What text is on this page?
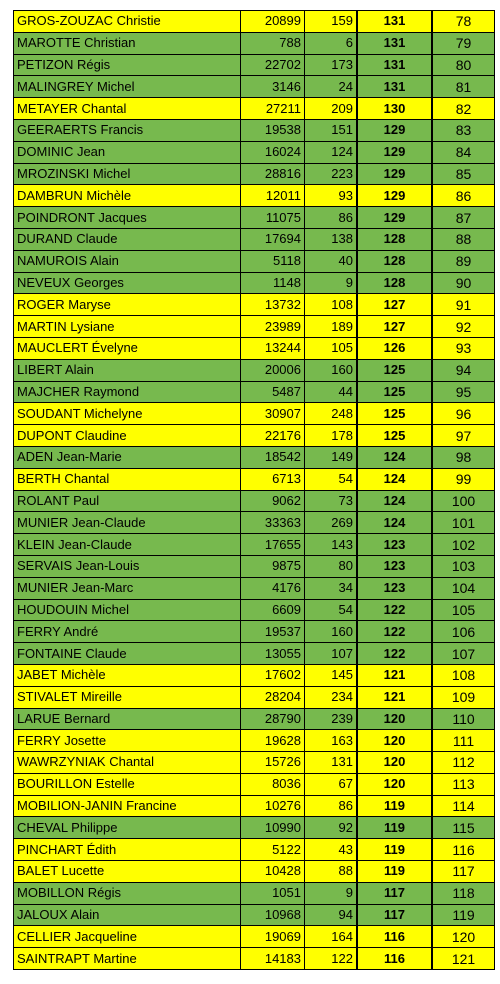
GROS-ZOUZAC Christie	20899	159	131	78
MAROTTE Christian	788	6	131	79
PETIZON Régis	22702	173	131	80
MALINGREY Michel	3146	24	131	81
METAYER Chantal	27211	209	130	82
GEERAERTS Francis	19538	151	129	83
DOMINIC Jean	16024	124	129	84
MROZINSKI Michel	28816	223	129	85
DAMBRUN Michèle	12011	93	129	86
POINDRONT Jacques	11075	86	129	87
DURAND Claude	17694	138	128	88
NAMUROIS Alain	5118	40	128	89
NEVEUX Georges	1148	9	128	90
ROGER Maryse	13732	108	127	91
MARTIN Lysiane	23989	189	127	92
MAUCLERT Évelyne	13244	105	126	93
LIBERT Alain	20006	160	125	94
MAJCHER Raymond	5487	44	125	95
SOUDANT Michelyne	30907	248	125	96
DUPONT Claudine	22176	178	125	97
ADEN Jean-Marie	18542	149	124	98
BERTH Chantal	6713	54	124	99
ROLANT Paul	9062	73	124	100
MUNIER Jean-Claude	33363	269	124	101
KLEIN Jean-Claude	17655	143	123	102
SERVAIS Jean-Louis	9875	80	123	103
MUNIER Jean-Marc	4176	34	123	104
HOUDOUIN Michel	6609	54	122	105
FERRY André	19537	160	122	106
FONTAINE Claude	13055	107	122	107
JABET Michèle	17602	145	121	108
STIVALET Mireille	28204	234	121	109
LARUE Bernard	28790	239	120	110
FERRY Josette	19628	163	120	111
WAWRZYNIAK Chantal	15726	131	120	112
BOURILLON Estelle	8036	67	120	113
MOBILION-JANIN Francine	10276	86	119	114
CHEVAL Philippe	10990	92	119	115
PINCHART Édith	5122	43	119	116
BALET Lucette	10428	88	119	117
MOBILLON Régis	1051	9	117	118
JALOUX Alain	10968	94	117	119
CELLIER Jacqueline	19069	164	116	120
SAINTRAPT Martine	14183	122	116	121
